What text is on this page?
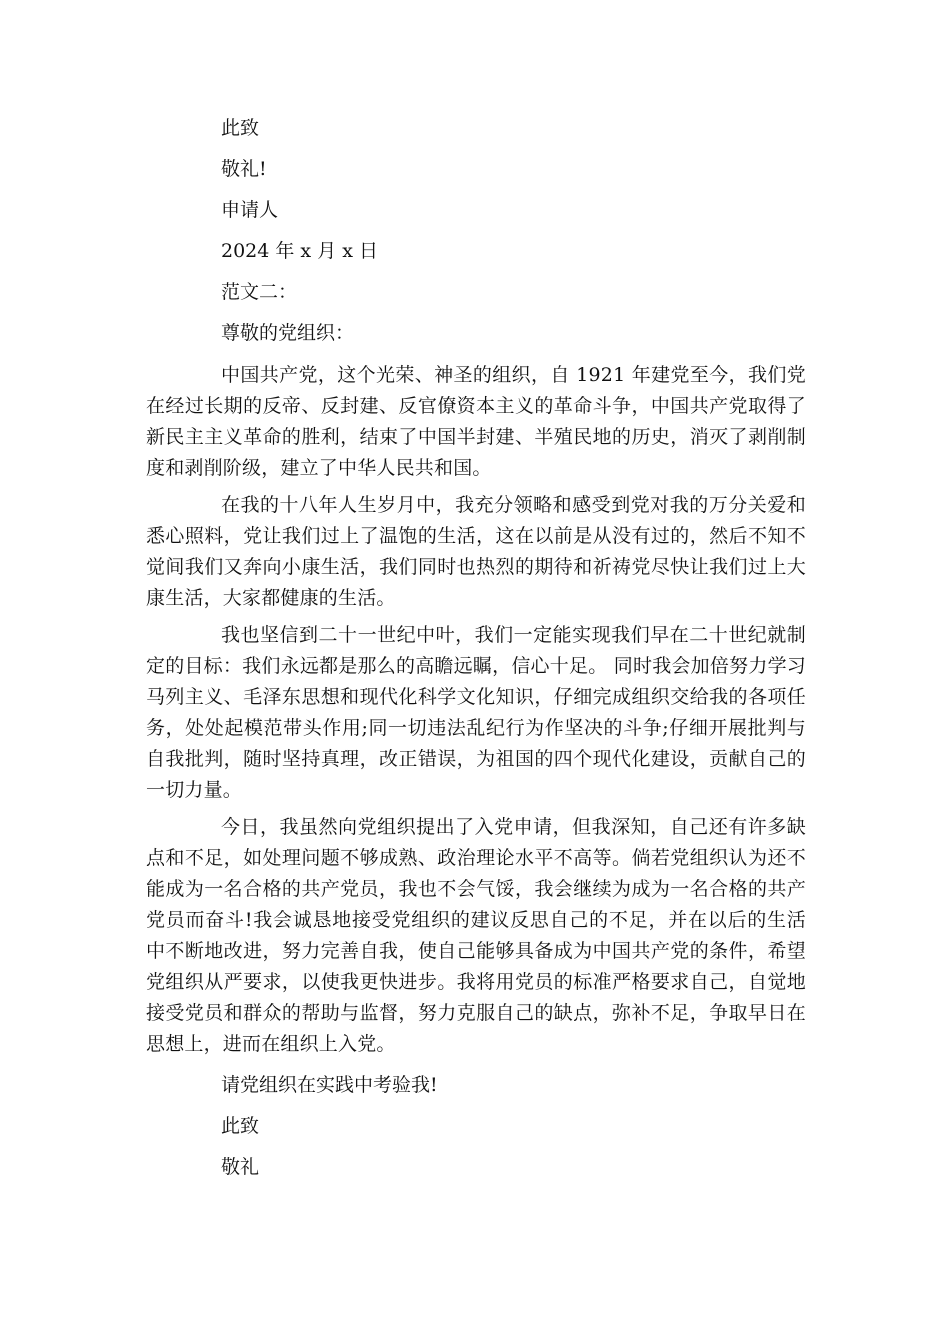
此致

敬礼!

申请人

2024 年 x 月 x 日

范文二：

尊敬的党组织：

中国共产党，这个光荣、神圣的组织，自 1921 年建党至今，我们党在经过长期的反帝、反封建、反官僚资本主义的革命斗争，中国共产党取得了新民主主义革命的胜利，结束了中国半封建、半殖民地的历史，消灭了剥削制度和剥削阶级，建立了中华人民共和国。

在我的十八年人生岁月中，我充分领略和感受到党对我的万分关爱和悉心照料，党让我们过上了温饱的生活，这在以前是从没有过的，然后不知不觉间我们又奔向小康生活，我们同时也热烈的期待和祈祷党尽快让我们过上大康生活，大家都健康的生活。

我也坚信到二十一世纪中叶，我们一定能实现我们早在二十世纪就制定的目标：我们永远都是那么的高瞻远瞩，信心十足。 同时我会加倍努力学习马列主义、毛泽东思想和现代化科学文化知识，仔细完成组织交给我的各项任务，处处起模范带头作用;同一切违法乱纪行为作坚决的斗争;仔细开展批判与自我批判，随时坚持真理，改正错误，为祖国的四个现代化建设，贡献自己的一切力量。

今日，我虽然向党组织提出了入党申请，但我深知，自己还有许多缺点和不足，如处理问题不够成熟、政治理论水平不高等。倘若党组织认为还不能成为一名合格的共产党员，我也不会气馁，我会继续为成为一名合格的共产党员而奋斗!我会诚恳地接受党组织的建议反思自己的不足，并在以后的生活中不断地改进，努力完善自我，使自己能够具备成为中国共产党的条件，希望党组织从严要求，以使我更快进步。我将用党员的标准严格要求自己，自觉地接受党员和群众的帮助与监督，努力克服自己的缺点，弥补不足，争取早日在思想上，进而在组织上入党。

请党组织在实践中考验我!

此致

敬礼
